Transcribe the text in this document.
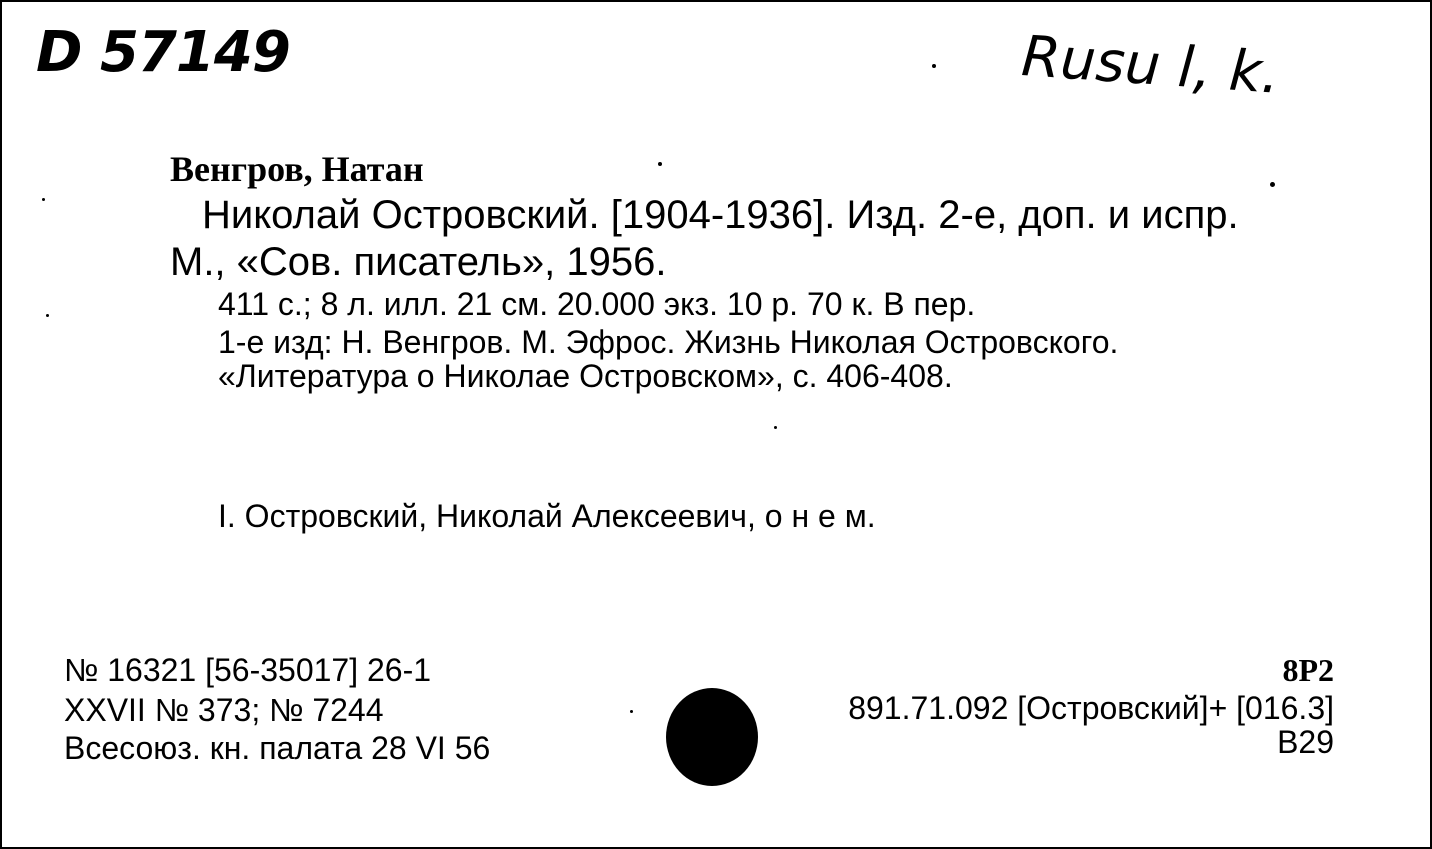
D 57149	Rusu l, k.
Венгров, Натан
Николай Островский. [1904-1936]. Изд. 2-е, доп. и испр.
М., «Сов. писатель», 1956.
411 с.; 8 л. илл. 21 см. 20.000 экз. 10 р. 70 к. В пер.
1-е изд: Н. Венгров. М. Эфрос. Жизнь Николая Островского.
«Литература о Николае Островском», с. 406-408.
I. Островский, Николай Алексеевич, о н е м.
№ 16321 [56-35017] 26-1
XXVII № 373; № 7244
Всесоюз. кн. палата 28 VI 56
8P2
891.71.092 [Островский]+ [016.3]
В29
